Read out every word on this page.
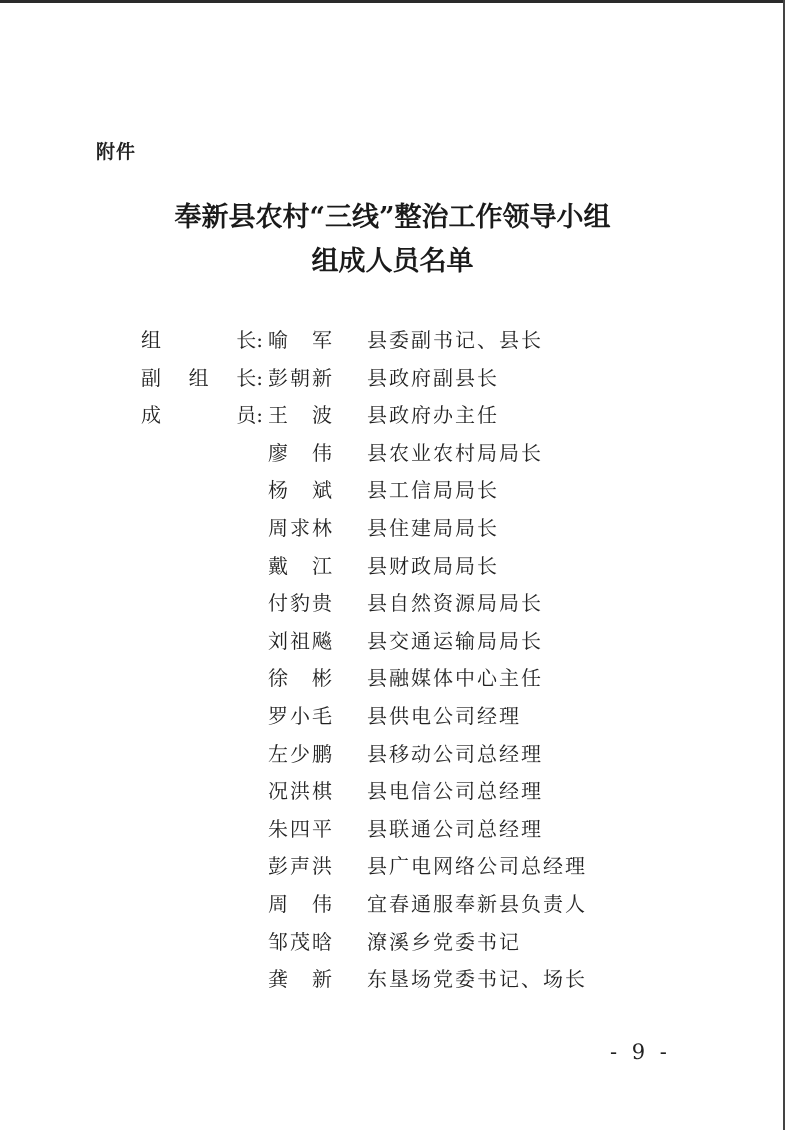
附件
奉新县农村“三线”整治工作领导小组
组成人员名单
组	长: 喻 军 县委副书记、县长
副 组 长: 彭 朝 新 县政府副县长
成	员: 王 波 县政府办主任
廖 伟 县农业农村局局长
杨 斌 县工信局局长
周 求 林 县住建局局长
戴 江 县财政局局长
付 豹 贵 县自然资源局局长
刘 祖 飚 县交通运输局局长
徐 彬 县融媒体中心主任
罗 小 毛 县供电公司经理
左 少 鹏 县移动公司总经理
况 洪 棋 县电信公司总经理
朱 四 平 县联通公司总经理
彭 声 洪 县广电网络公司总经理
周 伟 宜春通服奉新县负责人
邹 茂 晗 潦溪乡党委书记
龚 新 东垦场党委书记、场长
- 9 -
